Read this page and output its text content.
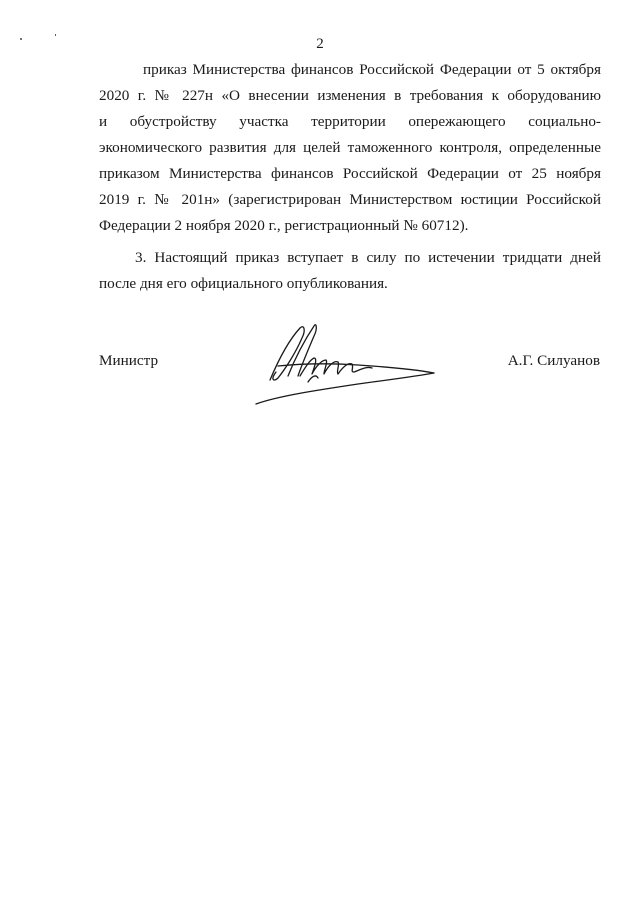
2
приказ Министерства финансов Российской Федерации от 5 октября
2020 г. № 227н «О внесении изменения в требования к оборудованию
и обустройству участка территории опережающего социально-
экономического развития для целей таможенного контроля, определенные
приказом Министерства финансов Российской Федерации от 25 ноября
2019 г. № 201н» (зарегистрирован Министерством юстиции Российской
Федерации 2 ноября 2020 г., регистрационный № 60712).
3. Настоящий приказ вступает в силу по истечении тридцати дней
после дня его официального опубликования.
Министр	А.Г. Силуанов
